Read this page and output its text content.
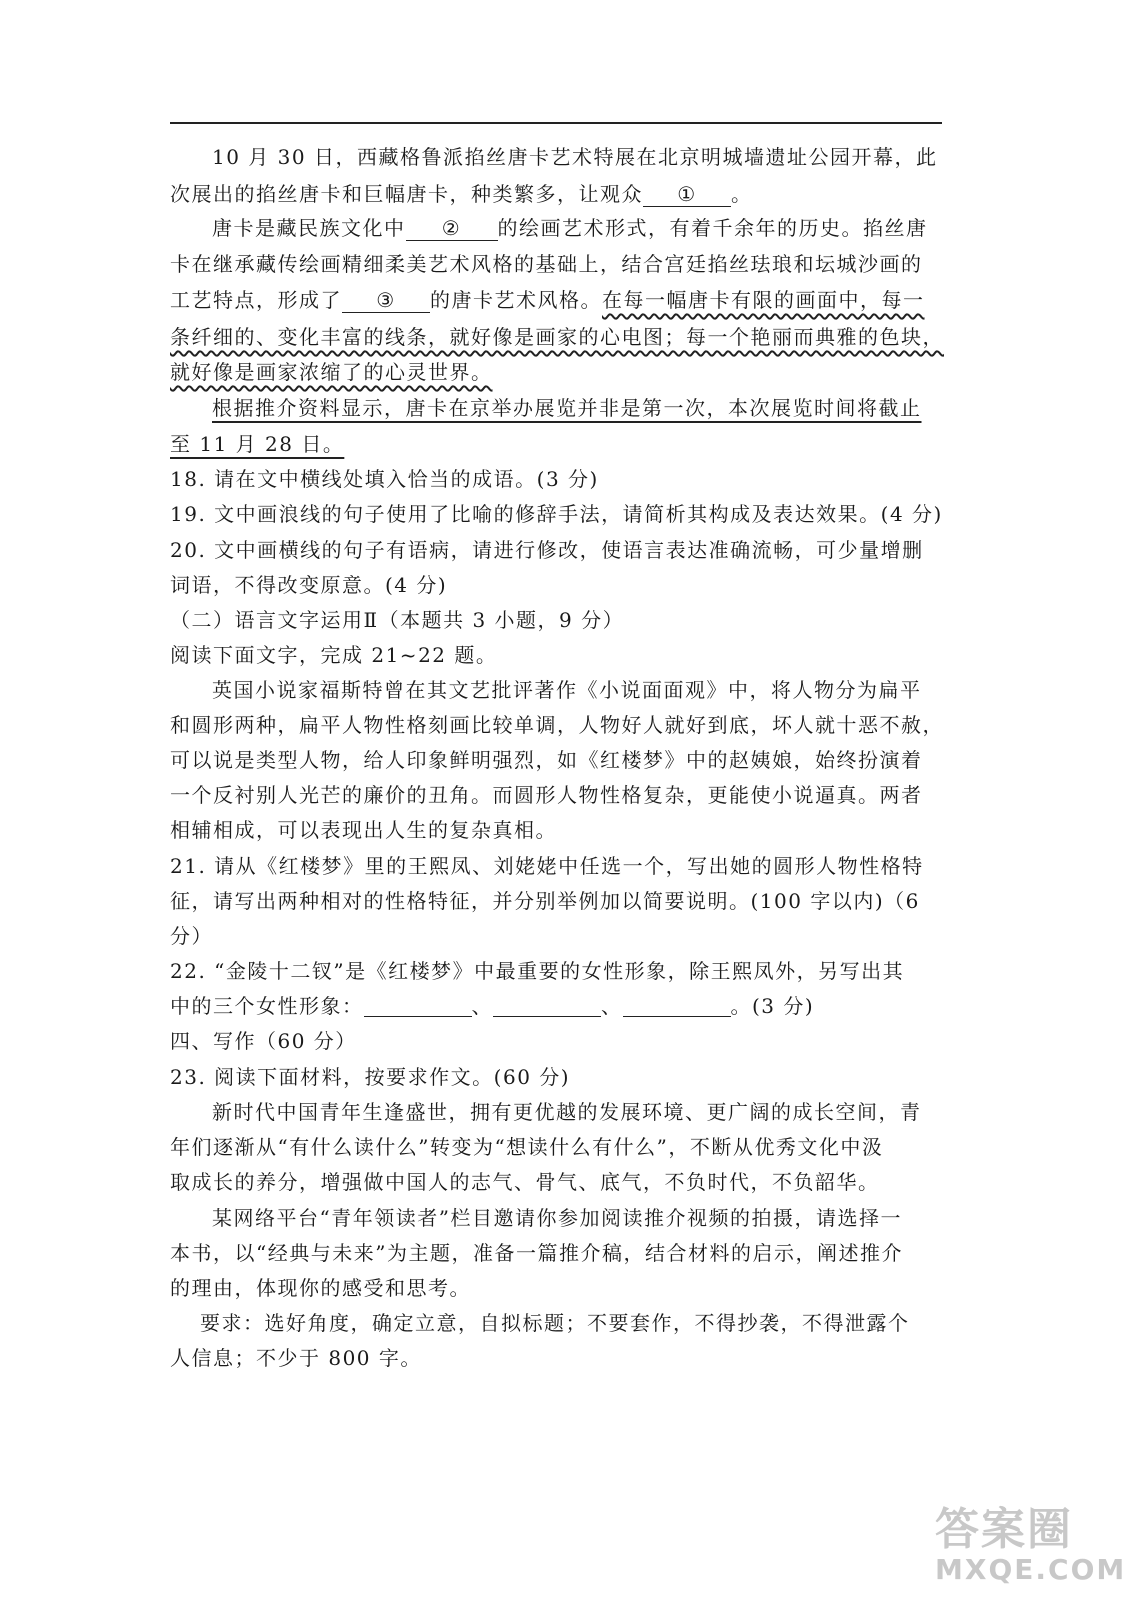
10 月 30 日，西藏格鲁派掐丝唐卡艺术特展在北京明城墙遗址公园开幕，此
次展出的掐丝唐卡和巨幅唐卡，种类繁多，让观众 ① 。
唐卡是藏民族文化中 ② 的绘画艺术形式，有着千余年的历史。掐丝唐
卡在继承藏传绘画精细柔美艺术风格的基础上，结合宫廷掐丝珐琅和坛城沙画的
工艺特点，形成了 ③ 的唐卡艺术风格。在每一幅唐卡有限的画面中，每一
条纤细的、变化丰富的线条，就好像是画家的心电图；每一个艳丽而典雅的色块，
就好像是画家浓缩了的心灵世界。
根据推介资料显示，唐卡在京举办展览并非是第一次，本次展览时间将截止
至 11 月 28 日。
18. 请在文中横线处填入恰当的成语。(3 分)
19. 文中画浪线的句子使用了比喻的修辞手法，请简析其构成及表达效果。(4 分)
20. 文中画横线的句子有语病，请进行修改，使语言表达准确流畅，可少量增删
词语，不得改变原意。(4 分)
（二）语言文字运用Ⅱ（本题共 3 小题，9 分）
阅读下面文字，完成 21~22 题。
英国小说家福斯特曾在其文艺批评著作《小说面面观》中，将人物分为扁平
和圆形两种，扁平人物性格刻画比较单调，人物好人就好到底，坏人就十恶不赦，
可以说是类型人物，给人印象鲜明强烈，如《红楼梦》中的赵姨娘，始终扮演着
一个反衬别人光芒的廉价的丑角。而圆形人物性格复杂，更能使小说逼真。两者
相辅相成，可以表现出人生的复杂真相。
21. 请从《红楼梦》里的王熙凤、刘姥姥中任选一个，写出她的圆形人物性格特
征，请写出两种相对的性格特征，并分别举例加以简要说明。(100 字以内)（6
分）
22. “金陵十二钗”是《红楼梦》中最重要的女性形象，除王熙凤外，另写出其
中的三个女性形象：	、	、	。(3 分)
四、写作（60 分）
23. 阅读下面材料，按要求作文。(60 分)
新时代中国青年生逢盛世，拥有更优越的发展环境、更广阔的成长空间，青
年们逐渐从“有什么读什么”转变为“想读什么有什么”，不断从优秀文化中汲
取成长的养分，增强做中国人的志气、骨气、底气，不负时代，不负韶华。
某网络平台“青年领读者”栏目邀请你参加阅读推介视频的拍摄，请选择一
本书，以“经典与未来”为主题，准备一篇推介稿，结合材料的启示，阐述推介
的理由，体现你的感受和思考。
要求：选好角度，确定立意，自拟标题；不要套作，不得抄袭，不得泄露个
人信息；不少于 800 字。
答案圈
MXQE.COM
